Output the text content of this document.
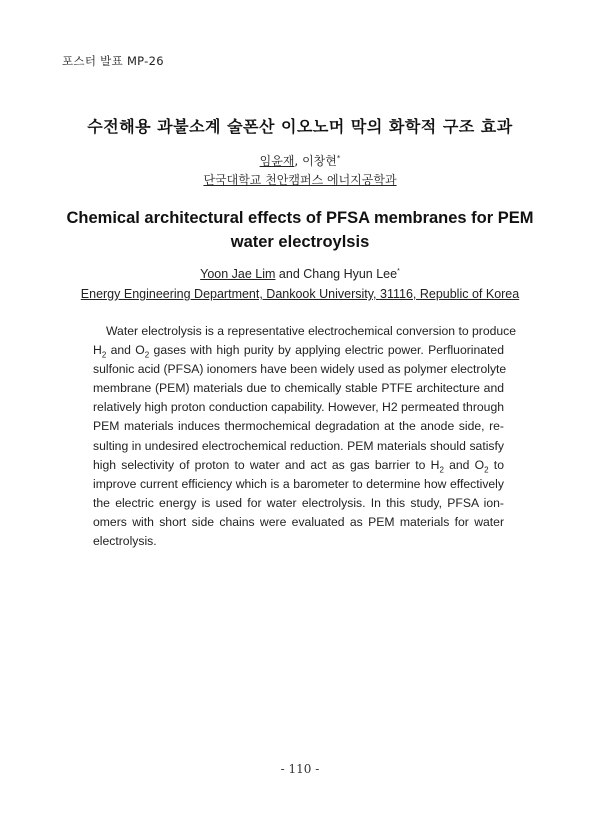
포스터 발표 MP-26
수전해용 과불소계 술폰산 이오노머 막의 화학적 구조 효과
임윤재, 이창현*
단국대학교 천안캠퍼스 에너지공학과
Chemical architectural effects of PFSA membranes for PEM
water electroylsis
Yoon Jae Lim and Chang Hyun Lee*
Energy Engineering Department, Dankook University, 31116, Republic of Korea
Water electrolysis is a representative electrochemical conversion to produce
$H_2$ and $O_2$ gases with high purity by applying electric power. Perfluorinated
sulfonic acid (PFSA) ionomers have been widely used as polymer electrolyte
membrane (PEM) materials due to chemically stable PTFE architecture and
relatively high proton conduction capability. However, H2 permeated through
PEM materials induces thermochemical degradation at the anode side, re-
sulting in undesired electrochemical reduction. PEM materials should satisfy
high selectivity of proton to water and act as gas barrier to $H_2$ and $O_2$ to
improve current efficiency which is a barometer to determine how effectively
the electric energy is used for water electrolysis. In this study, PFSA ion-
omers with short side chains were evaluated as PEM materials for water
electrolysis.
- 110 -
